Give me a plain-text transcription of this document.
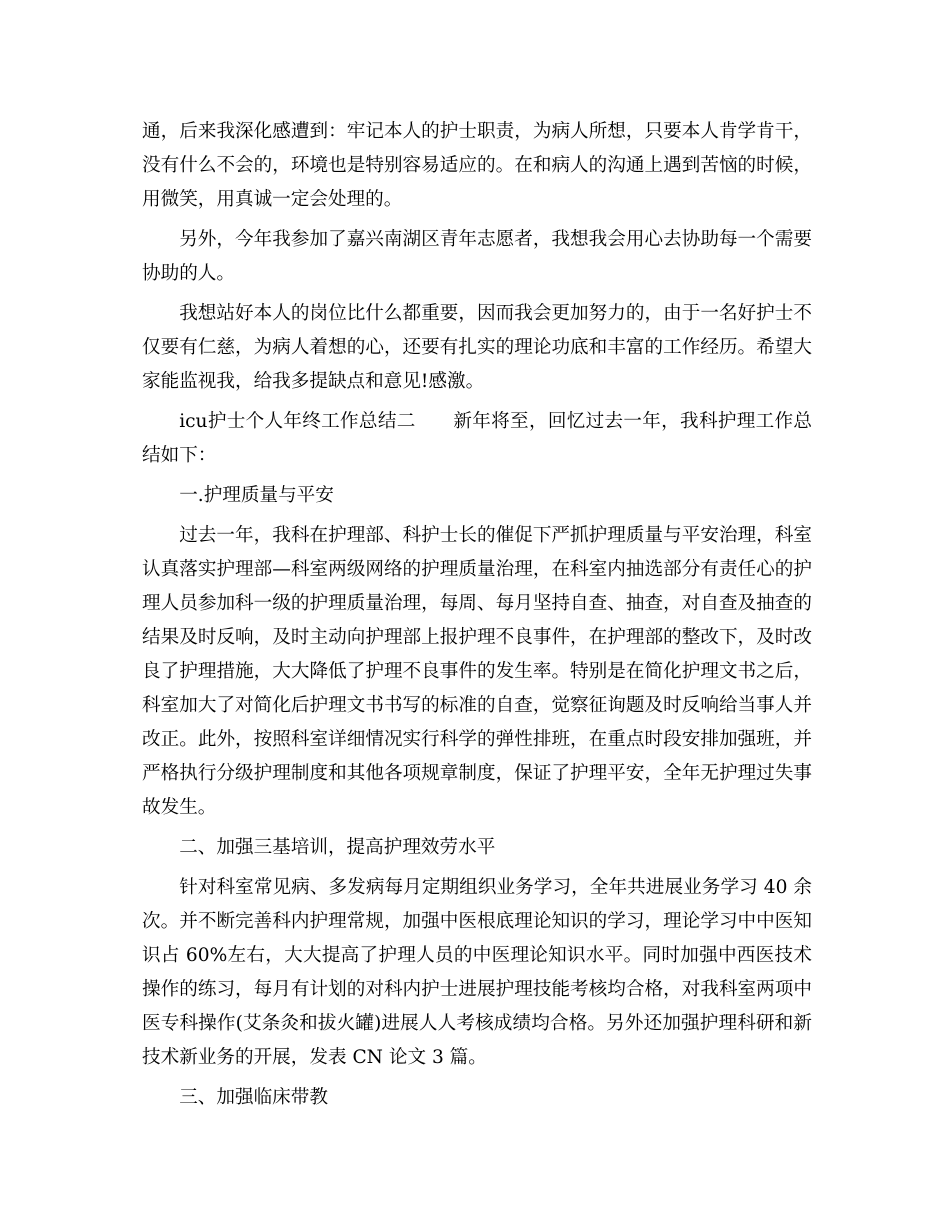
通，后来我深化感遭到：牢记本人的护士职责，为病人所想，只要本人肯学肯干，没有什么不会的，环境也是特别容易适应的。在和病人的沟通上遇到苦恼的时候，用微笑，用真诚一定会处理的。

另外，今年我参加了嘉兴南湖区青年志愿者，我想我会用心去协助每一个需要协助的人。

我想站好本人的岗位比什么都重要，因而我会更加努力的，由于一名好护士不仅要有仁慈，为病人着想的心，还要有扎实的理论功底和丰富的工作经历。希望大家能监视我，给我多提缺点和意见!感激。

icu护士个人年终工作总结二　　新年将至，回忆过去一年，我科护理工作总结如下：

一.护理质量与平安

过去一年，我科在护理部、科护士长的催促下严抓护理质量与平安治理，科室认真落实护理部—科室两级网络的护理质量治理，在科室内抽选部分有责任心的护理人员参加科一级的护理质量治理，每周、每月坚持自查、抽查，对自查及抽查的结果及时反响，及时主动向护理部上报护理不良事件，在护理部的整改下，及时改良了护理措施，大大降低了护理不良事件的发生率。特别是在简化护理文书之后，科室加大了对简化后护理文书书写的标准的自查，觉察征询题及时反响给当事人并改正。此外，按照科室详细情况实行科学的弹性排班，在重点时段安排加强班，并严格执行分级护理制度和其他各项规章制度，保证了护理平安，全年无护理过失事故发生。

二、加强三基培训，提高护理效劳水平

针对科室常见病、多发病每月定期组织业务学习，全年共进展业务学习 40 余次。并不断完善科内护理常规，加强中医根底理论知识的学习，理论学习中中医知识占 60%左右，大大提高了护理人员的中医理论知识水平。同时加强中西医技术操作的练习，每月有计划的对科内护士进展护理技能考核均合格，对我科室两项中医专科操作(艾条灸和拔火罐)进展人人考核成绩均合格。另外还加强护理科研和新技术新业务的开展，发表 CN 论文 3 篇。

三、加强临床带教
